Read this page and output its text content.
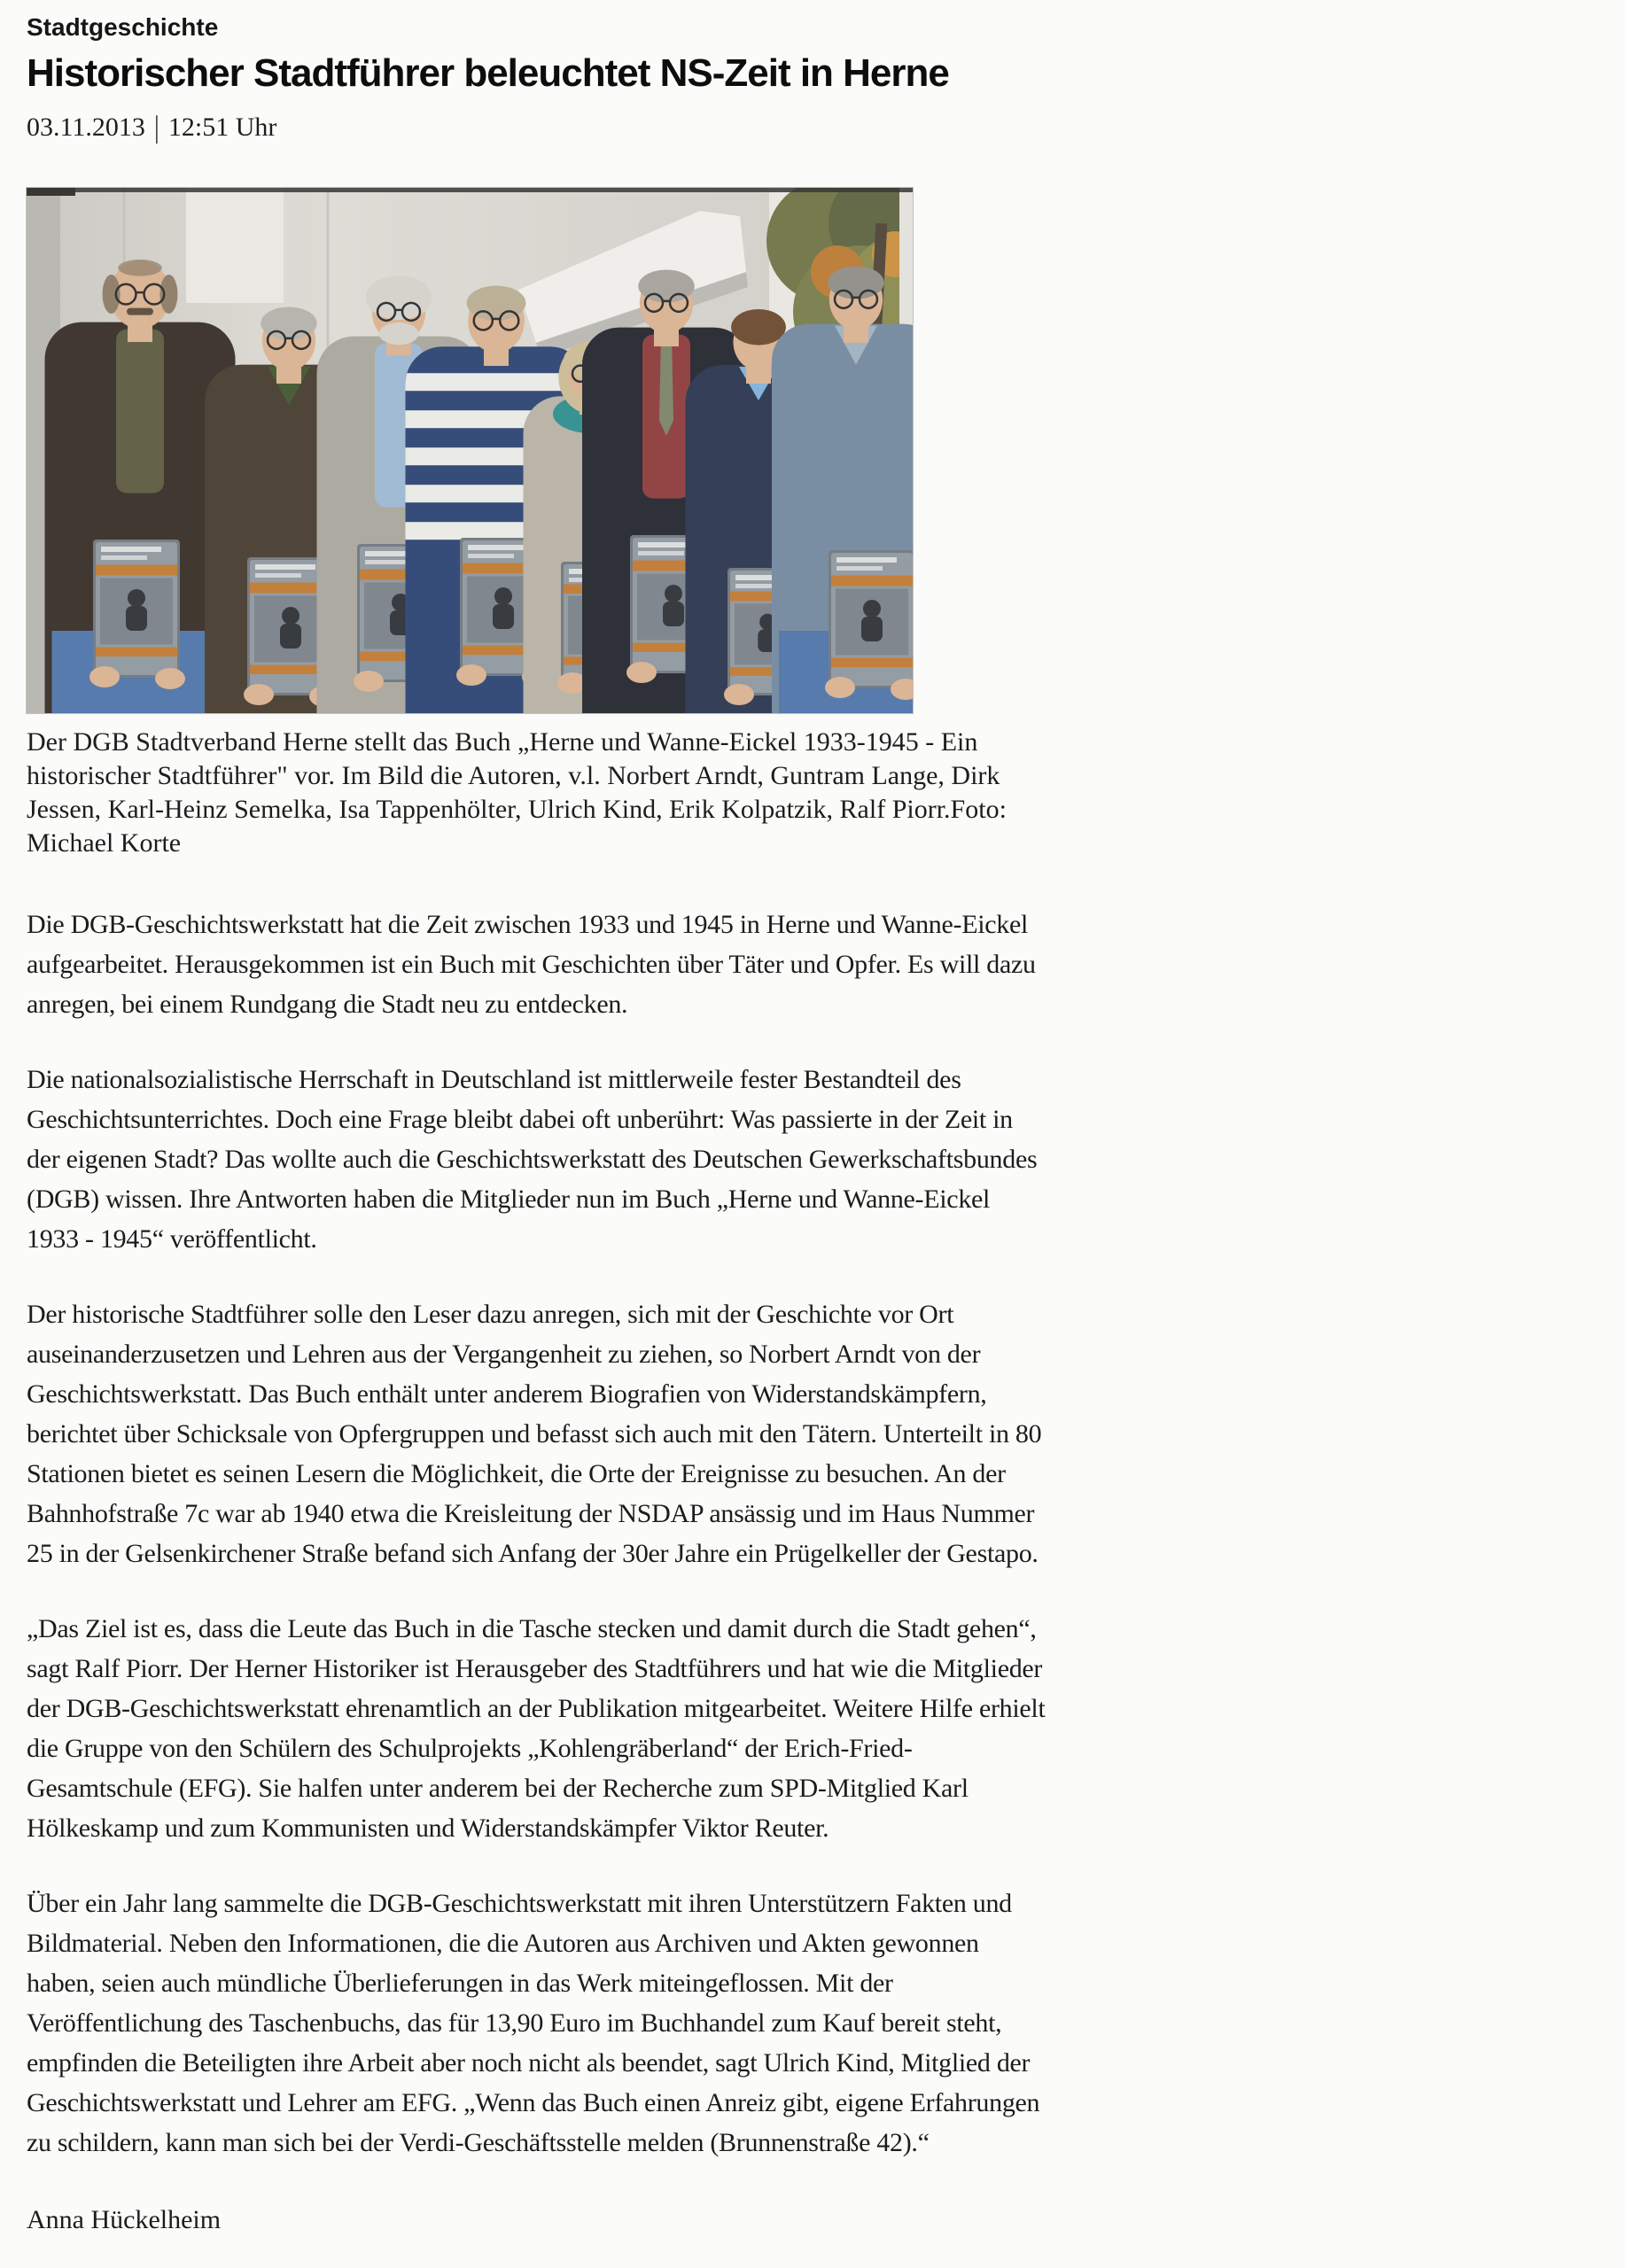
Stadtgeschichte
Historischer Stadtführer beleuchtet NS-Zeit in Herne
03.11.2013 | 12:51 Uhr

Der DGB Stadtverband Herne stellt das Buch „Herne und Wanne-Eickel 1933-1945 - Ein historischer Stadtführer" vor. Im Bild die Autoren, v.l. Norbert Arndt, Guntram Lange, Dirk Jessen, Karl-Heinz Semelka, Isa Tappenhölter, Ulrich Kind, Erik Kolpatzik, Ralf Piorr.Foto: Michael Korte

Die DGB-Geschichtswerkstatt hat die Zeit zwischen 1933 und 1945 in Herne und Wanne-Eickel aufgearbeitet. Herausgekommen ist ein Buch mit Geschichten über Täter und Opfer. Es will dazu anregen, bei einem Rundgang die Stadt neu zu entdecken.

Die nationalsozialistische Herrschaft in Deutschland ist mittlerweile fester Bestandteil des Geschichtsunterrichtes. Doch eine Frage bleibt dabei oft unberührt: Was passierte in der Zeit in der eigenen Stadt? Das wollte auch die Geschichtswerkstatt des Deutschen Gewerkschaftsbundes (DGB) wissen. Ihre Antworten haben die Mitglieder nun im Buch „Herne und Wanne-Eickel 1933 - 1945“ veröffentlicht.

Der historische Stadtführer solle den Leser dazu anregen, sich mit der Geschichte vor Ort auseinanderzusetzen und Lehren aus der Vergangenheit zu ziehen, so Norbert Arndt von der Geschichtswerkstatt. Das Buch enthält unter anderem Biografien von Widerstandskämpfern, berichtet über Schicksale von Opfergruppen und befasst sich auch mit den Tätern. Unterteilt in 80 Stationen bietet es seinen Lesern die Möglichkeit, die Orte der Ereignisse zu besuchen. An der Bahnhofstraße 7c war ab 1940 etwa die Kreisleitung der NSDAP ansässig und im Haus Nummer 25 in der Gelsenkirchener Straße befand sich Anfang der 30er Jahre ein Prügelkeller der Gestapo.

„Das Ziel ist es, dass die Leute das Buch in die Tasche stecken und damit durch die Stadt gehen“, sagt Ralf Piorr. Der Herner Historiker ist Herausgeber des Stadtführers und hat wie die Mitglieder der DGB-Geschichtswerkstatt ehrenamtlich an der Publikation mitgearbeitet. Weitere Hilfe erhielt die Gruppe von den Schülern des Schulprojekts „Kohlengräberland“ der Erich-Fried-Gesamtschule (EFG). Sie halfen unter anderem bei der Recherche zum SPD-Mitglied Karl Hölkeskamp und zum Kommunisten und Widerstandskämpfer Viktor Reuter.

Über ein Jahr lang sammelte die DGB-Geschichtswerkstatt mit ihren Unterstützern Fakten und Bildmaterial. Neben den Informationen, die die Autoren aus Archiven und Akten gewonnen haben, seien auch mündliche Überlieferungen in das Werk miteingeflossen. Mit der Veröffentlichung des Taschenbuchs, das für 13,90 Euro im Buchhandel zum Kauf bereit steht, empfinden die Beteiligten ihre Arbeit aber noch nicht als beendet, sagt Ulrich Kind, Mitglied der Geschichtswerkstatt und Lehrer am EFG. „Wenn das Buch einen Anreiz gibt, eigene Erfahrungen zu schildern, kann man sich bei der Verdi-Geschäftsstelle melden (Brunnenstraße 42).“

Anna Hückelheim
